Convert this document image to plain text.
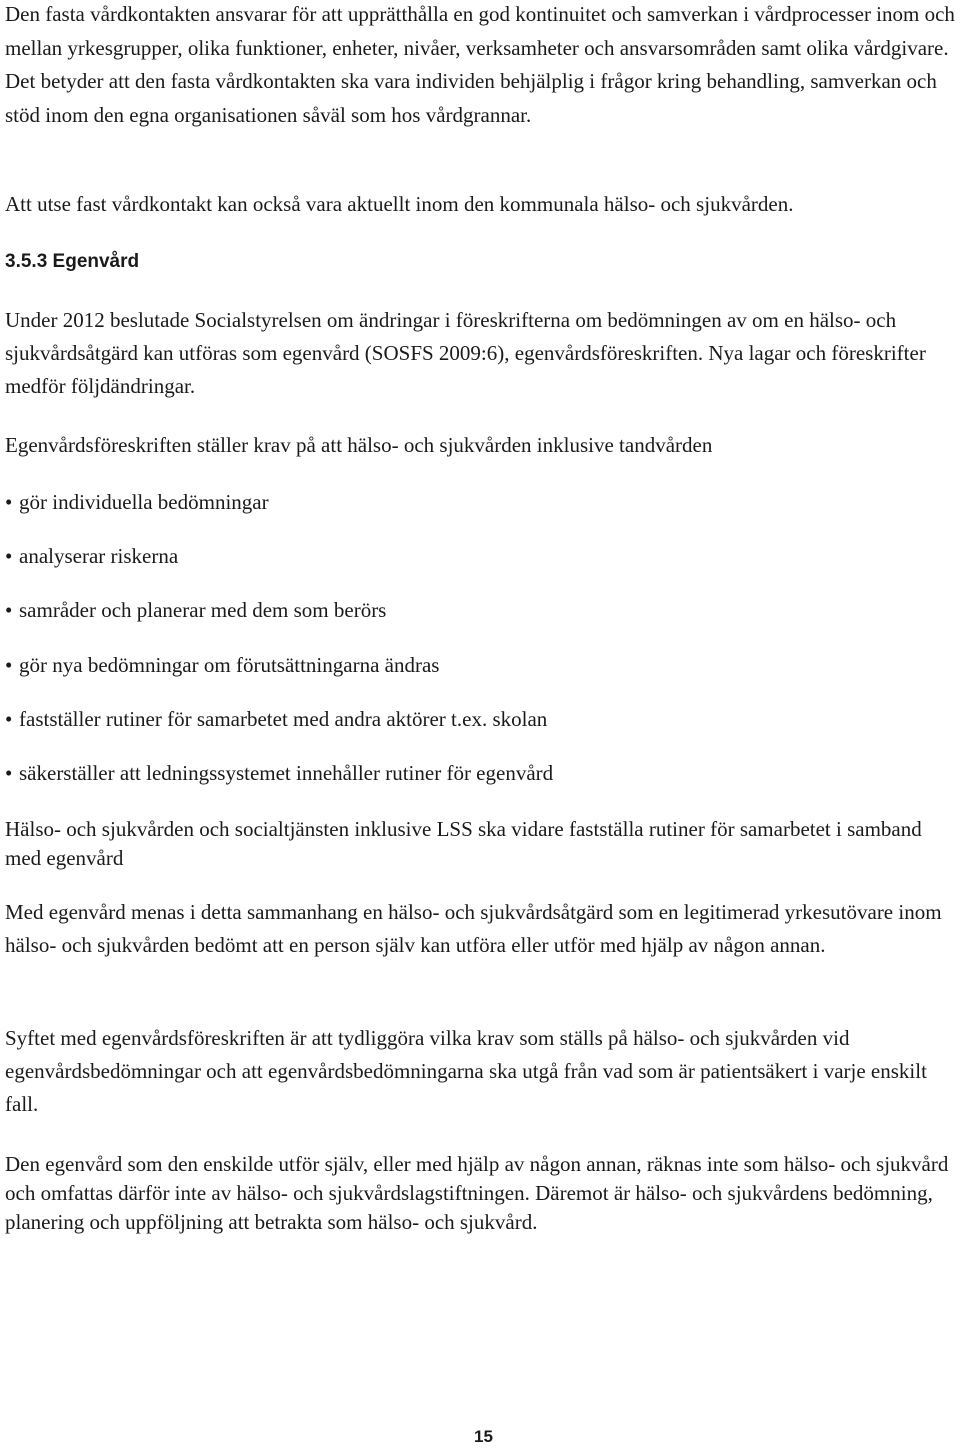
Den fasta vårdkontakten ansvarar för att upprätthålla en god kontinuitet och samverkan i vårdprocesser inom och mellan yrkesgrupper, olika funktioner, enheter, nivåer, verksamheter och ansvarsområden samt olika vårdgivare. Det betyder att den fasta vårdkontakten ska vara individen behjälplig i frågor kring behandling, samverkan och stöd inom den egna organisationen såväl som hos vårdgrannar.

Att utse fast vårdkontakt kan också vara aktuellt inom den kommunala hälso- och sjukvården.

3.5.3 Egenvård

Under 2012 beslutade Socialstyrelsen om ändringar i föreskrifterna om bedömningen av om en hälso- och sjukvårdsåtgärd kan utföras som egenvård (SOSFS 2009:6), egenvårdsföreskriften. Nya lagar och föreskrifter medför följdändringar.

Egenvårdsföreskriften ställer krav på att hälso- och sjukvården inklusive tandvården

• gör individuella bedömningar
• analyserar riskerna
• samråder och planerar med dem som berörs
• gör nya bedömningar om förutsättningarna ändras
• fastställer rutiner för samarbetet med andra aktörer t.ex. skolan
• säkerställer att ledningssystemet innehåller rutiner för egenvård

Hälso- och sjukvården och socialtjänsten inklusive LSS ska vidare fastställa rutiner för samarbetet i samband med egenvård

Med egenvård menas i detta sammanhang en hälso- och sjukvårdsåtgärd som en legitimerad yrkesutövare inom hälso- och sjukvården bedömt att en person själv kan utföra eller utför med hjälp av någon annan.

Syftet med egenvårdsföreskriften är att tydliggöra vilka krav som ställs på hälso- och sjukvården vid egenvårdsbedömningar och att egenvårdsbedömningarna ska utgå från vad som är patientsäkert i varje enskilt fall.

Den egenvård som den enskilde utför själv, eller med hjälp av någon annan, räknas inte som hälso- och sjukvård och omfattas därför inte av hälso- och sjukvårdslagstiftningen. Däremot är hälso- och sjukvårdens bedömning, planering och uppföljning att betrakta som hälso- och sjukvård.

15
